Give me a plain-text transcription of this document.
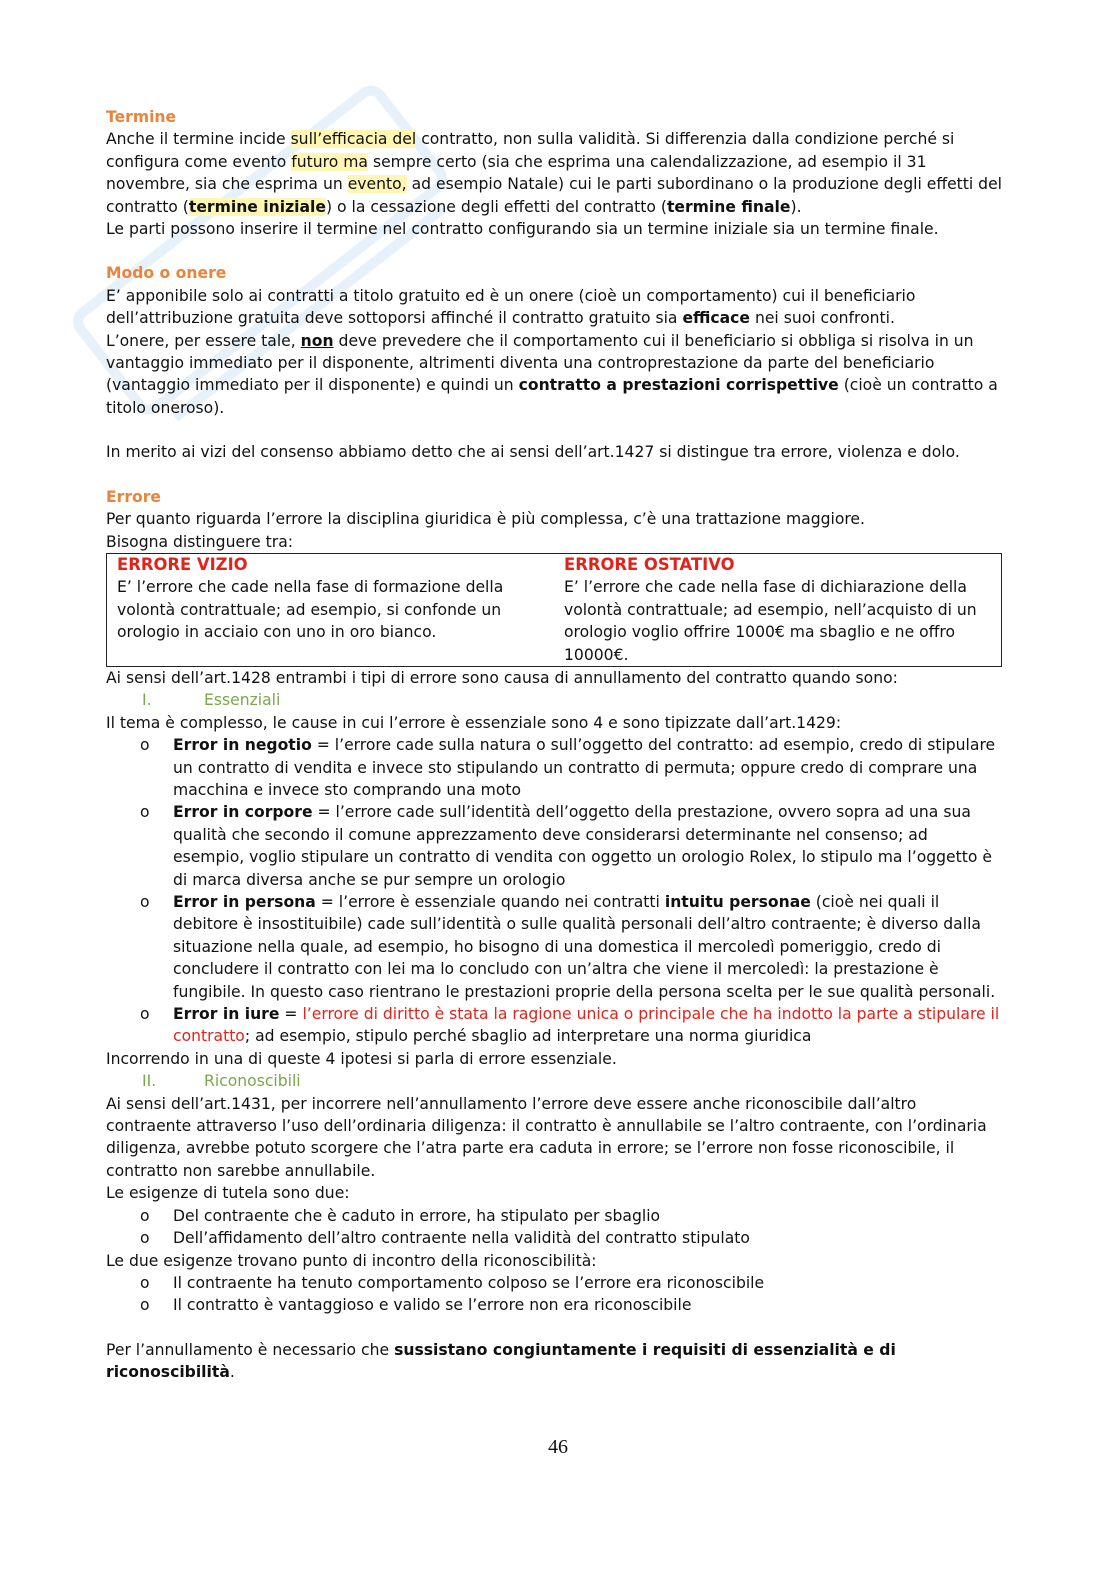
Termine

Anche il termine incide sull’efficacia del contratto, non sulla validità. Si differenzia dalla condizione perché si configura come evento futuro ma sempre certo (sia che esprima una calendalizzazione, ad esempio il 31 novembre, sia che esprima un evento, ad esempio Natale) cui le parti subordinano o la produzione degli effetti del contratto (termine iniziale) o la cessazione degli effetti del contratto (termine finale).

Le parti possono inserire il termine nel contratto configurando sia un termine iniziale sia un termine finale.

Modo o onere

E’ apponibile solo ai contratti a titolo gratuito ed è un onere (cioè un comportamento) cui il beneficiario dell’attribuzione gratuita deve sottoporsi affinché il contratto gratuito sia efficace nei suoi confronti.

L’onere, per essere tale, non deve prevedere che il comportamento cui il beneficiario si obbliga si risolva in un vantaggio immediato per il disponente, altrimenti diventa una controprestazione da parte del beneficiario (vantaggio immediato per il disponente) e quindi un contratto a prestazioni corrispettive (cioè un contratto a titolo oneroso).

In merito ai vizi del consenso abbiamo detto che ai sensi dell’art.1427 si distingue tra errore, violenza e dolo.

Errore

Per quanto riguarda l’errore la disciplina giuridica è più complessa, c’è una trattazione maggiore.

Bisogna distinguere tra:

ERRORE VIZIO
E’ l’errore che cade nella fase di formazione della volontà contrattuale; ad esempio, si confonde un orologio in acciaio con uno in oro bianco.

ERRORE OSTATIVO
E’ l’errore che cade nella fase di dichiarazione della volontà contrattuale; ad esempio, nell’acquisto di un orologio voglio offrire 1000€ ma sbaglio e ne offro 10000€.

Ai sensi dell’art.1428 entrambi i tipi di errore sono causa di annullamento del contratto quando sono:

I.	Essenziali

Il tema è complesso, le cause in cui l’errore è essenziale sono 4 e sono tipizzate dall’art.1429:

o Error in negotio = l’errore cade sulla natura o sull’oggetto del contratto: ad esempio, credo di stipulare un contratto di vendita e invece sto stipulando un contratto di permuta; oppure credo di comprare una macchina e invece sto comprando una moto
o Error in corpore = l’errore cade sull’identità dell’oggetto della prestazione, ovvero sopra ad una sua qualità che secondo il comune apprezzamento deve considerarsi determinante nel consenso; ad esempio, voglio stipulare un contratto di vendita con oggetto un orologio Rolex, lo stipulo ma l’oggetto è di marca diversa anche se pur sempre un orologio
o Error in persona = l’errore è essenziale quando nei contratti intuitu personae (cioè nei quali il debitore è insostituibile) cade sull’identità o sulle qualità personali dell’altro contraente; è diverso dalla situazione nella quale, ad esempio, ho bisogno di una domestica il mercoledì pomeriggio, credo di concludere il contratto con lei ma lo concludo con un’altra che viene il mercoledì: la prestazione è fungibile. In questo caso rientrano le prestazioni proprie della persona scelta per le sue qualità personali.
o Error in iure = l’errore di diritto è stata la ragione unica o principale che ha indotto la parte a stipulare il contratto; ad esempio, stipulo perché sbaglio ad interpretare una norma giuridica

Incorrendo in una di queste 4 ipotesi si parla di errore essenziale.

II.	Riconoscibili

Ai sensi dell’art.1431, per incorrere nell’annullamento l’errore deve essere anche riconoscibile dall’altro contraente attraverso l’uso dell’ordinaria diligenza: il contratto è annullabile se l’altro contraente, con l’ordinaria diligenza, avrebbe potuto scorgere che l’atra parte era caduta in errore; se l’errore non fosse riconoscibile, il contratto non sarebbe annullabile.

Le esigenze di tutela sono due:

o Del contraente che è caduto in errore, ha stipulato per sbaglio
o Dell’affidamento dell’altro contraente nella validità del contratto stipulato

Le due esigenze trovano punto di incontro della riconoscibilità:

o Il contraente ha tenuto comportamento colposo se l’errore era riconoscibile
o Il contratto è vantaggioso e valido se l’errore non era riconoscibile

Per l’annullamento è necessario che sussistano congiuntamente i requisiti di essenzialità e di riconoscibilità.

46
